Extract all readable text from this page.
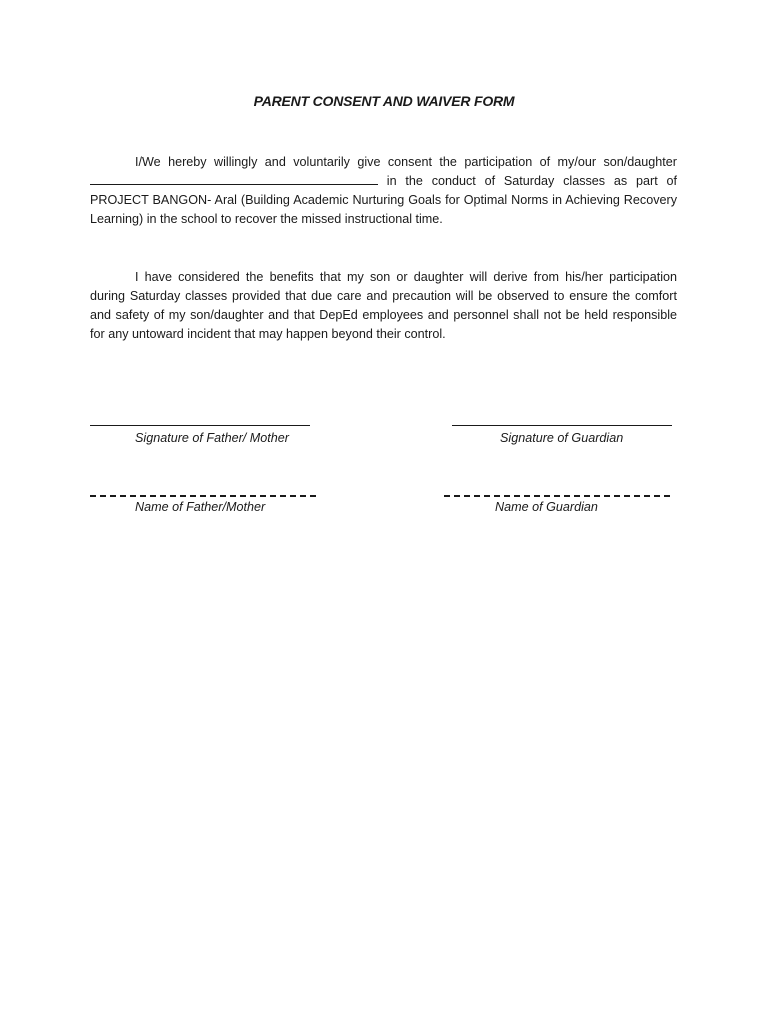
PARENT CONSENT AND WAIVER FORM
I/We hereby willingly and voluntarily give consent the participation of my/our son/daughter  in the conduct of Saturday classes as part of PROJECT BANGON- Aral (Building Academic Nurturing Goals for Optimal Norms in Achieving Recovery Learning) in the school to recover the missed instructional time.
I have considered the benefits that my son or daughter will derive from his/her participation during Saturday classes provided that due care and precaution will be observed to ensure the comfort and safety of my son/daughter and that DepEd employees and personnel shall not be held responsible for any untoward incident that may happen beyond their control.
Signature of Father/ Mother	Signature of Guardian
Name of Father/Mother	Name of Guardian
